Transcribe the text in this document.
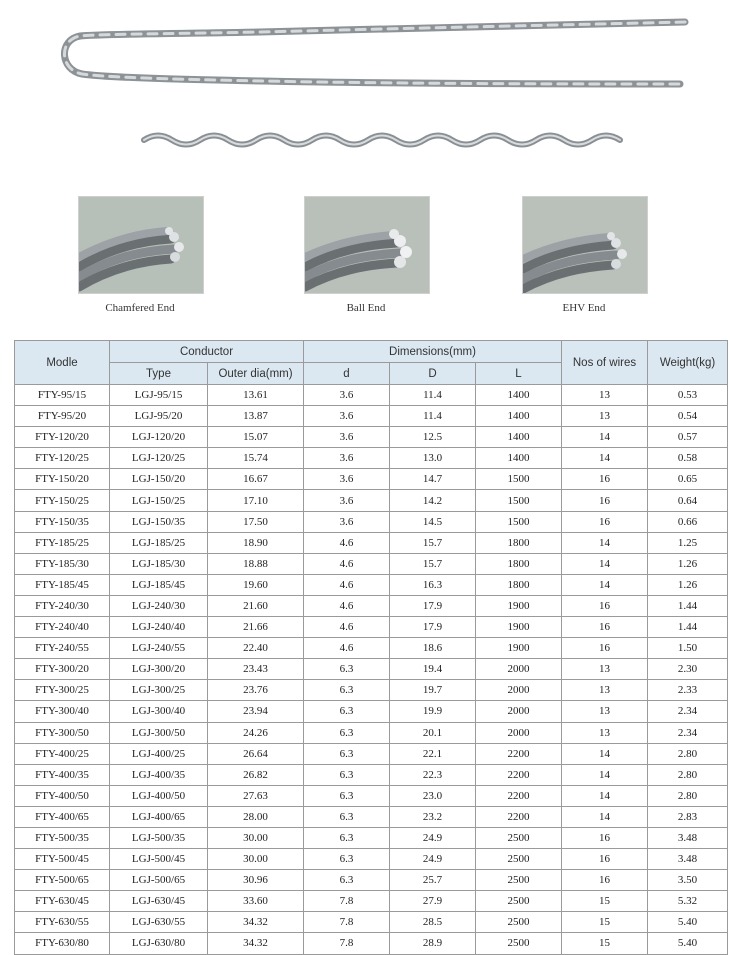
Chamfered End	Ball End	EHV End
Modle	Conductor		Dimensions(mm)			Nos of wires	Weight(kg)
	Type	Outer dia(mm)	d	D	L		
FTY-95/15	LGJ-95/15	13.61	3.6	11.4	1400	13	0.53
FTY-95/20	LGJ-95/20	13.87	3.6	11.4	1400	13	0.54
FTY-120/20	LGJ-120/20	15.07	3.6	12.5	1400	14	0.57
FTY-120/25	LGJ-120/25	15.74	3.6	13.0	1400	14	0.58
FTY-150/20	LGJ-150/20	16.67	3.6	14.7	1500	16	0.65
FTY-150/25	LGJ-150/25	17.10	3.6	14.2	1500	16	0.64
FTY-150/35	LGJ-150/35	17.50	3.6	14.5	1500	16	0.66
FTY-185/25	LGJ-185/25	18.90	4.6	15.7	1800	14	1.25
FTY-185/30	LGJ-185/30	18.88	4.6	15.7	1800	14	1.26
FTY-185/45	LGJ-185/45	19.60	4.6	16.3	1800	14	1.26
FTY-240/30	LGJ-240/30	21.60	4.6	17.9	1900	16	1.44
FTY-240/40	LGJ-240/40	21.66	4.6	17.9	1900	16	1.44
FTY-240/55	LGJ-240/55	22.40	4.6	18.6	1900	16	1.50
FTY-300/20	LGJ-300/20	23.43	6.3	19.4	2000	13	2.30
FTY-300/25	LGJ-300/25	23.76	6.3	19.7	2000	13	2.33
FTY-300/40	LGJ-300/40	23.94	6.3	19.9	2000	13	2.34
FTY-300/50	LGJ-300/50	24.26	6.3	20.1	2000	13	2.34
FTY-400/25	LGJ-400/25	26.64	6.3	22.1	2200	14	2.80
FTY-400/35	LGJ-400/35	26.82	6.3	22.3	2200	14	2.80
FTY-400/50	LGJ-400/50	27.63	6.3	23.0	2200	14	2.80
FTY-400/65	LGJ-400/65	28.00	6.3	23.2	2200	14	2.83
FTY-500/35	LGJ-500/35	30.00	6.3	24.9	2500	16	3.48
FTY-500/45	LGJ-500/45	30.00	6.3	24.9	2500	16	3.48
FTY-500/65	LGJ-500/65	30.96	6.3	25.7	2500	16	3.50
FTY-630/45	LGJ-630/45	33.60	7.8	27.9	2500	15	5.32
FTY-630/55	LGJ-630/55	34.32	7.8	28.5	2500	15	5.40
FTY-630/80	LGJ-630/80	34.32	7.8	28.9	2500	15	5.40
